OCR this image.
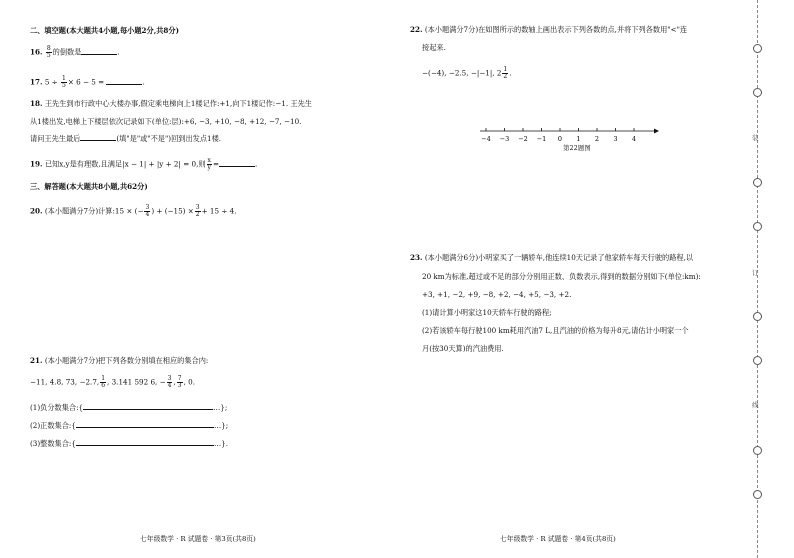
二、填空题(本大题共4小题,每小题2分,共8分)
16. $\frac{8}{5}$ 的倒数是	.
17. $5 \div \frac{1}{5} \times 6 - 5$ =	.
18. 王先生到市行政中心大楼办事,假定乘电梯向上1楼记作:+1,向下1楼记作:−1. 王先生
从1楼出发,电梯上下楼层依次记录如下(单位:层):+6, −3, +10, −8, +12, −7, −10.
请问王先生最后	(填"是"或"不是")回到出发点1楼.
19. 已知x,y是有理数,且满足|x − 1| + |y + 2| = 0,则 $\frac{x}{y}$ =	.
三、解答题(本大题共8小题,共62分)
20. (本小题满分7分)计算:15 × (− $\frac{3}{4}$ ) + $(-15) \times \frac{3}{2} + 15 \div 4$.
21. (本小题满分7分)把下列各数分别填在相应的集合内:
−11, 4.8, 73, −2.7, $\frac{1}{6}$ , 3.141 592 6, − $\frac{3}{4}$ , $\frac{7}{3}$ , 0.
(1)负分数集合:{	…};
(2)正数集合:{	…};
(3)整数集合:{	…}.
七年级数学 · R 试题卷 · 第3页(共8页)
22. (本小题满分7分)在如图所示的数轴上画出表示下列各数的点,并将下列各数用"<"连
接起来.
−(−4), −2.5, −|−1|, $2 \frac{1}{2}$ .
−4 −3 −2 −1 0 1 2 3 4
第22题图
23. (本小题满分6分)小明家买了一辆轿车,他连续10天记录了他家轿车每天行驶的路程,以
20 km为标准,超过或不足的部分分别用正数、负数表示,得到的数据分别如下(单位:km):
+3, +1, −2, +9, −8, +2, −4, +5, −3, +2.
(1)请计算小明家这10天轿车行驶的路程;
(2)若该轿车每行驶100 km耗用汽油7 L,且汽油的价格为每升8元,请估计小明家一个
月(按30天算)的汽油费用.
七年级数学 · R 试题卷 · 第4页(共8页)
装
订
线
